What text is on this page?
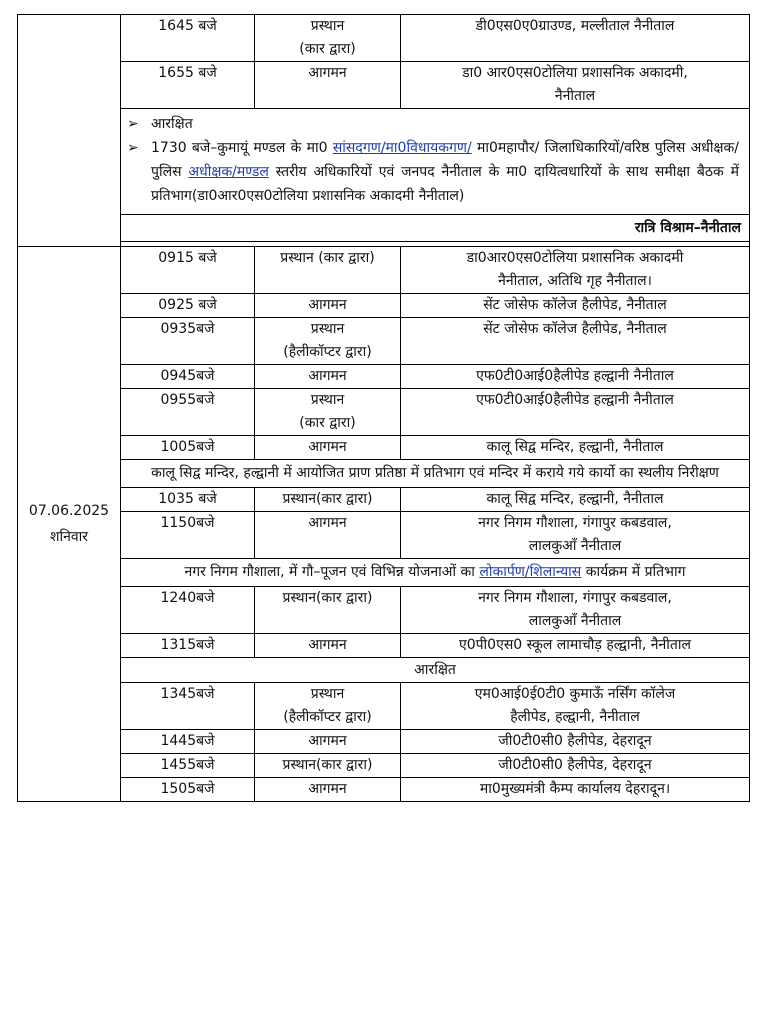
	1645 बजे	प्रस्थान
(कार द्वारा)	डी0एस0ए0ग्राउण्ड, मल्लीताल नैनीताल
	1655 बजे	आगमन	डा0 आर0एस0टोलिया प्रशासनिक अकादमी,
नैनीताल

	➢ आरक्षित
➢ 1730 बजे–कुमायूं मण्डल के मा0 सांसदगण/मा0विधायकगण/ मा0महापौर/ जिलाधिकारियों/वरिष्ठ पुलिस अधीक्षक/पुलिस अधीक्षक/मण्डल स्तरीय अधिकारियों एवं जनपद नैनीताल के मा0 दायित्वधारियों के साथ समीक्षा बैठक में प्रतिभाग(डा0आर0एस0टोलिया प्रशासनिक अकादमी नैनीताल)		

	रात्रि विश्राम–नैनीताल		

07.06.2025
शनिवार	0915 बजे	प्रस्थान (कार द्वारा)	डा0आर0एस0टोलिया प्रशासनिक अकादमी
नैनीताल, अतिथि गृह नैनीताल।
	0925 बजे	आगमन	सेंट जोसेफ कॉलेज हैलीपेड, नैनीताल
	0935बजे	प्रस्थान
(हैलीकॉप्टर द्वारा)	सेंट जोसेफ कॉलेज हैलीपेड, नैनीताल
	0945बजे	आगमन	एफ0टी0आई0हैलीपेड हल्द्वानी नैनीताल
	0955बजे	प्रस्थान
(कार द्वारा)	एफ0टी0आई0हैलीपेड हल्द्वानी नैनीताल
	1005बजे	आगमन	कालू सिद्व मन्दिर, हल्द्वानी, नैनीताल
	कालू सिद्व मन्दिर, हल्द्वानी में आयोजित प्राण प्रतिष्ठा में प्रतिभाग एवं मन्दिर में कराये गये कार्यो का स्थलीय निरीक्षण		
	1035 बजे	प्रस्थान(कार द्वारा)	कालू सिद्व मन्दिर, हल्द्वानी, नैनीताल
	1150बजे	आगमन	नगर निगम गौशाला, गंगापुर कबडवाल,
लालकुआँ नैनीताल
	नगर निगम गौशाला, में गौ–पूजन एवं विभिन्न योजनाओं का लोकार्पण/शिलान्यास कार्यक्रम में प्रतिभाग		
	1240बजे	प्रस्थान(कार द्वारा)	नगर निगम गौशाला, गंगापुर कबडवाल,
लालकुआँ नैनीताल
	1315बजे	आगमन	ए0पी0एस0 स्कूल लामाचौड़ हल्द्वानी, नैनीताल
	आरक्षित		
	1345बजे	प्रस्थान
(हैलीकॉप्टर द्वारा)	एम0आई0ई0टी0 कुमाऊँ नर्सिंग कॉलेज
हैलीपेड, हल्द्वानी, नैनीताल
	1445बजे	आगमन	जी0टी0सी0 हैलीपेड, देहरादून
	1455बजे	प्रस्थान(कार द्वारा)	जी0टी0सी0 हैलीपेड, देहरादून
	1505बजे	आगमन	मा0मुख्यमंत्री कैम्प कार्यालय देहरादून।
